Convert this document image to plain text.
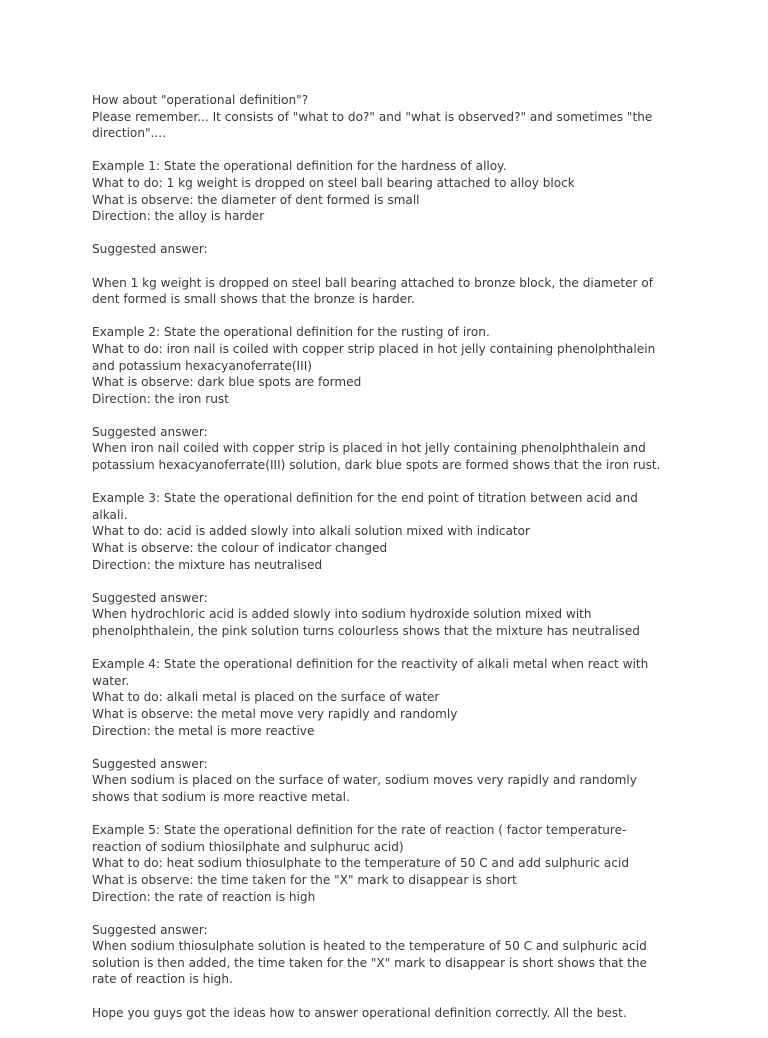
How about "operational definition"?
Please remember... It consists of "what to do?" and "what is observed?" and sometimes "the direction"....
Example 1: State the operational definition for the hardness of alloy.
What to do: 1 kg weight is dropped on steel ball bearing attached to alloy block
What is observe: the diameter of dent formed is small
Direction: the alloy is harder
Suggested answer:
When 1 kg weight is dropped on steel ball bearing attached to bronze block, the diameter of dent formed is small shows that the bronze is harder.
Example 2: State the operational definition for the rusting of iron.
What to do: iron nail is coiled with copper strip placed in hot jelly containing phenolphthalein and potassium hexacyanoferrate(III)
What is observe: dark blue spots are formed
Direction: the iron rust
Suggested answer:
When iron nail coiled with copper strip is placed in hot jelly containing phenolphthalein and potassium hexacyanoferrate(III) solution, dark blue spots are formed shows that the iron rust.
Example 3: State the operational definition for the end point of titration between acid and alkali.
What to do: acid is added slowly into alkali solution mixed with indicator
What is observe: the colour of indicator changed
Direction: the mixture has neutralised
Suggested answer:
When hydrochloric acid is added slowly into sodium hydroxide solution mixed with phenolphthalein, the pink solution turns colourless shows that the mixture has neutralised
Example 4: State the operational definition for the reactivity of alkali metal when react with water.
What to do: alkali metal is placed on the surface of water
What is observe: the metal move very rapidly and randomly
Direction: the metal is more reactive
Suggested answer:
When sodium is placed on the surface of water, sodium moves very rapidly and randomly shows that sodium is more reactive metal.
Example 5: State the operational definition for the rate of reaction ( factor temperature-reaction of sodium thiosilphate and sulphuruc acid)
What to do: heat sodium thiosulphate to the temperature of 50 C and add sulphuric acid
What is observe: the time taken for the "X" mark to disappear is short
Direction: the rate of reaction is high
Suggested answer:
When sodium thiosulphate solution is heated to the temperature of 50 C and sulphuric acid solution is then added, the time taken for the "X" mark to disappear is short shows that the rate of reaction is high.
Hope you guys got the ideas how to answer operational definition correctly. All the best.
